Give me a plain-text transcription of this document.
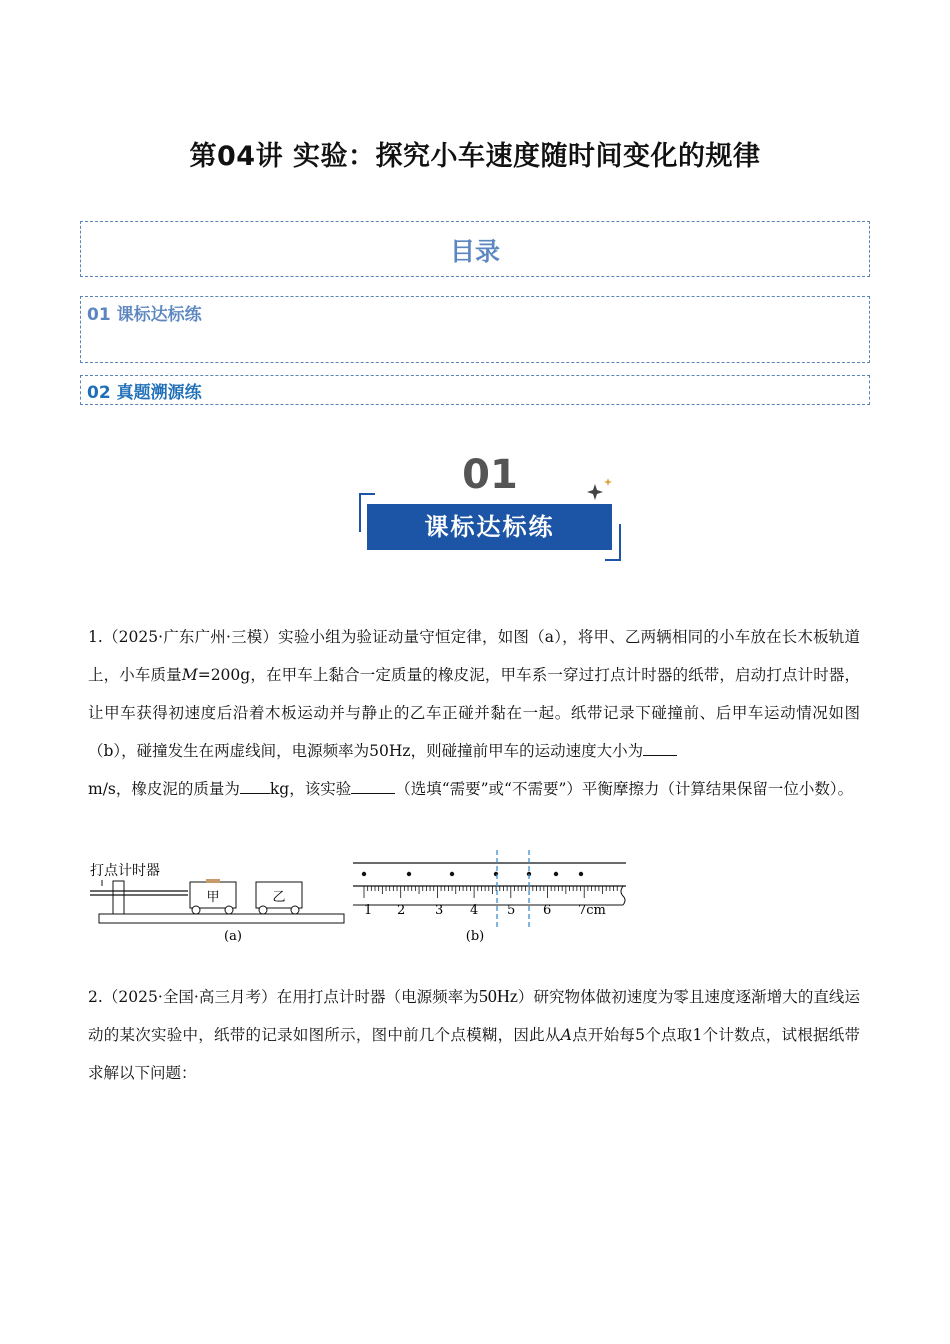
第04讲 实验：探究小车速度随时间变化的规律
目录
01 课标达标练
02 真题溯源练
01
课标达标练
1.（2025·广东广州·三模）实验小组为验证动量守恒定律，如图（a），将甲、乙两辆相同的小车放在长木板轨道上，小车质量M=200g，在甲车上黏合一定质量的橡皮泥，甲车系一穿过打点计时器的纸带，启动打点计时器，让甲车获得初速度后沿着木板运动并与静止的乙车正碰并黏在一起。纸带记录下碰撞前、后甲车运动情况如图（b），碰撞发生在两虚线间，电源频率为50Hz，则碰撞前甲车的运动速度大小为
m/s，橡皮泥的质量为 kg，该实验	（选填“需要”或“不需要”）平衡摩擦力（计算结果保留一位小数）。
打点计时器
甲	乙
(a)
1 2 3 4 5 6 7cm
(b)
2.（2025·全国·高三月考）在用打点计时器（电源频率为50Hz）研究物体做初速度为零且速度逐渐增大的直线运动的某次实验中，纸带的记录如图所示，图中前几个点模糊，因此从A点开始每5个点取1个计数点，试根据纸带求解以下问题：
